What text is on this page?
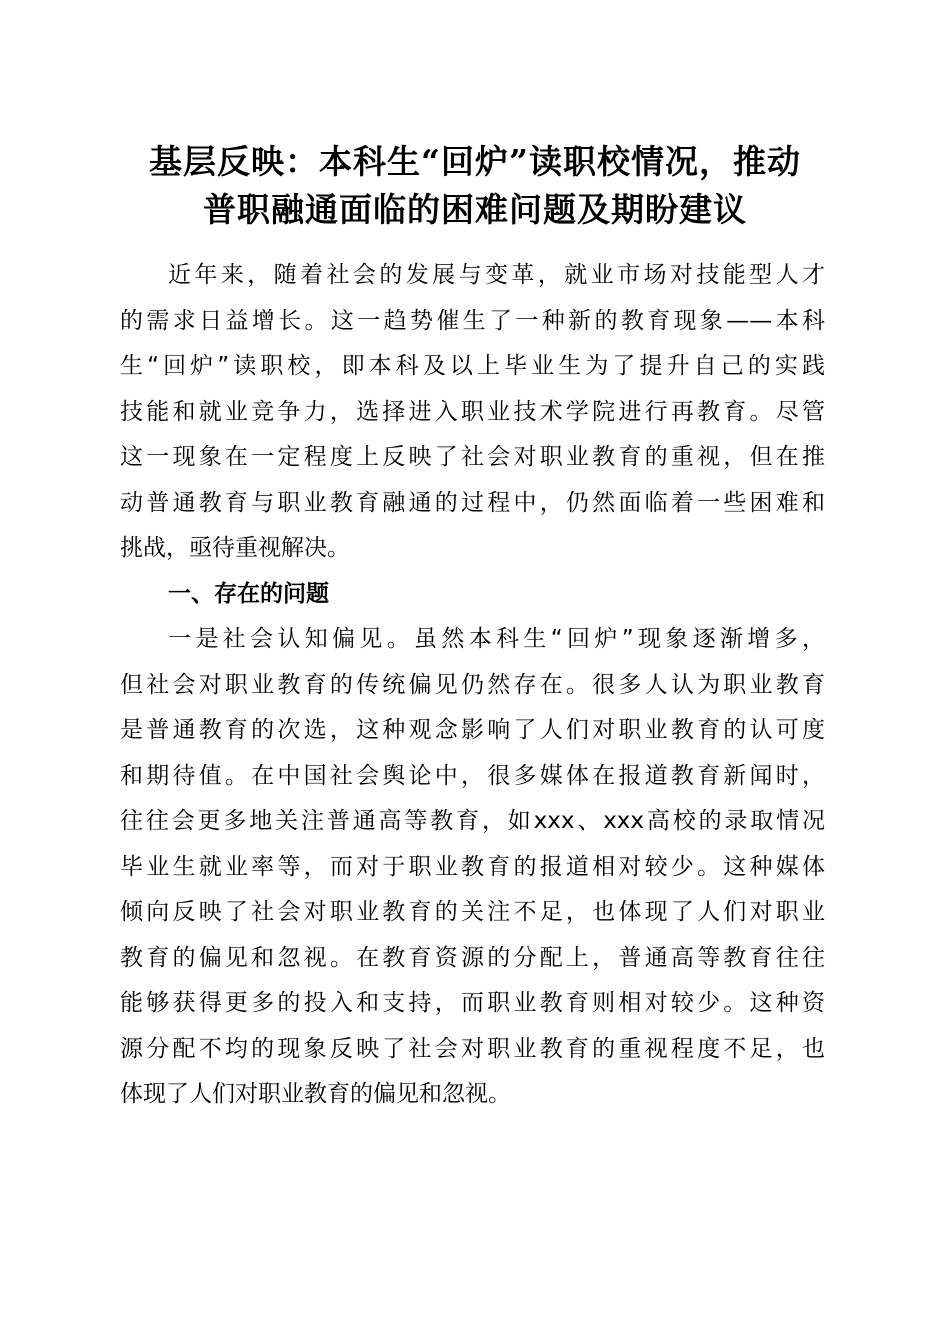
基层反映：本科生“回炉”读职校情况，推动
普职融通面临的困难问题及期盼建议
近年来，随着社会的发展与变革，就业市场对技能型人才
的需求日益增长。这一趋势催生了一种新的教育现象——本科
生“回炉”读职校，即本科及以上毕业生为了提升自己的实践
技能和就业竞争力，选择进入职业技术学院进行再教育。尽管
这一现象在一定程度上反映了社会对职业教育的重视，但在推
动普通教育与职业教育融通的过程中，仍然面临着一些困难和
挑战，亟待重视解决。
一、存在的问题
一是社会认知偏见。虽然本科生“回炉”现象逐渐增多，
但社会对职业教育的传统偏见仍然存在。很多人认为职业教育
是普通教育的次选，这种观念影响了人们对职业教育的认可度
和期待值。在中国社会舆论中，很多媒体在报道教育新闻时，
往往会更多地关注普通高等教育，如xxx、xxx高校的录取情况
毕业生就业率等，而对于职业教育的报道相对较少。这种媒体
倾向反映了社会对职业教育的关注不足，也体现了人们对职业
教育的偏见和忽视。在教育资源的分配上，普通高等教育往往
能够获得更多的投入和支持，而职业教育则相对较少。这种资
源分配不均的现象反映了社会对职业教育的重视程度不足，也
体现了人们对职业教育的偏见和忽视。
